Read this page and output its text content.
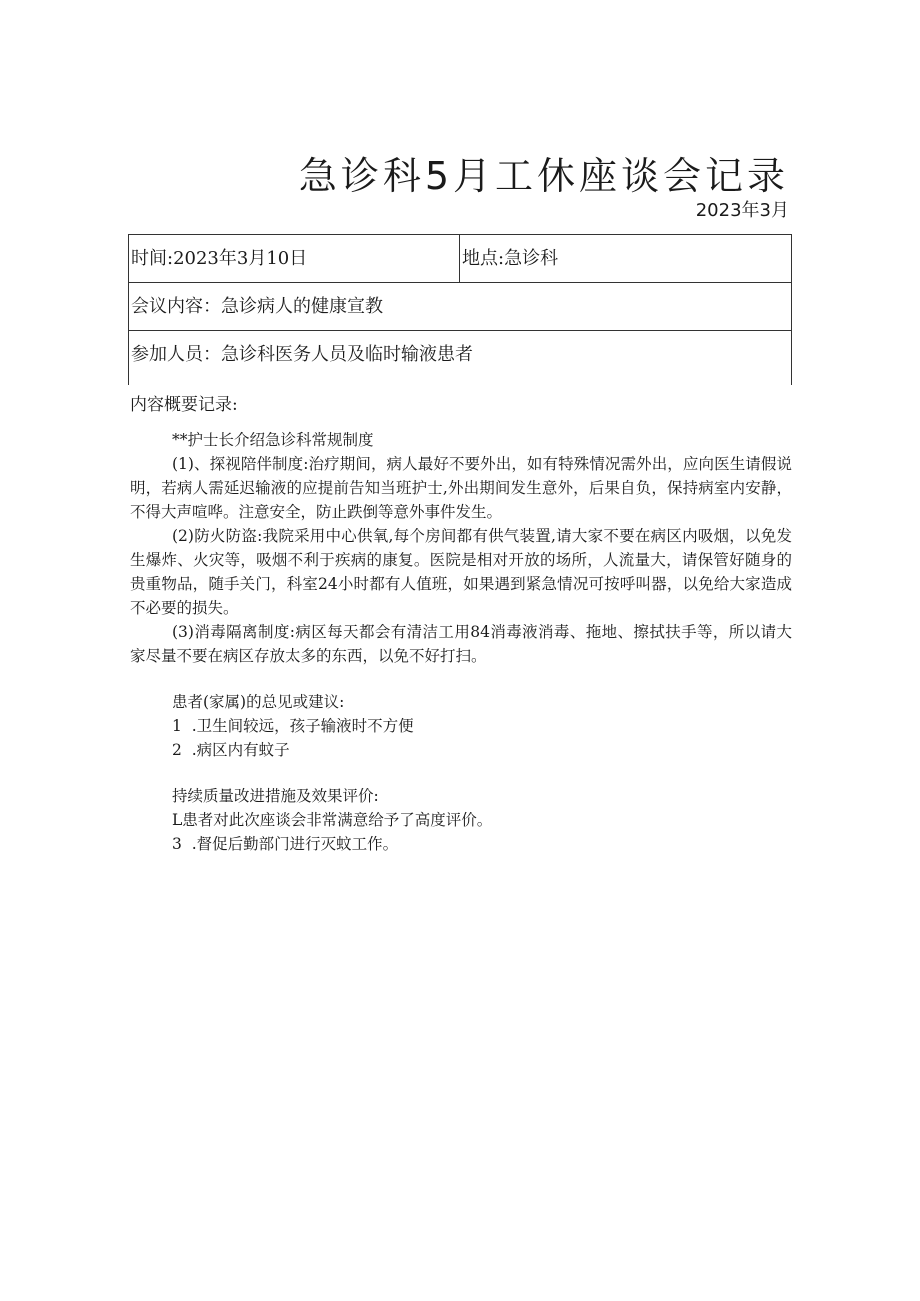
急诊科5月工休座谈会记录
2023年3月
时间:2023年3月10日	地点:急诊科
会议内容：急诊病人的健康宣教
参加人员：急诊科医务人员及临时输液患者
内容概要记录:

**护士长介绍急诊科常规制度

(1)、探视陪伴制度:治疗期间，病人最好不要外出，如有特殊情况需外出，应向医生请假说明，若病人需延迟输液的应提前告知当班护士,外出期间发生意外，后果自负，保持病室内安静，不得大声喧哗。注意安全，防止跌倒等意外事件发生。

(2)防火防盗:我院采用中心供氧,每个房间都有供气装置,请大家不要在病区内吸烟，以免发生爆炸、火灾等，吸烟不利于疾病的康复。医院是相对开放的场所，人流量大，请保管好随身的贵重物品，随手关门，科室24小时都有人值班，如果遇到紧急情况可按呼叫器，以免给大家造成不必要的损失。

(3)消毒隔离制度:病区每天都会有清洁工用84消毒液消毒、拖地、擦拭扶手等，所以请大家尽量不要在病区存放太多的东西，以免不好打扫。

患者(家属)的总见或建议:

1  .卫生间较远，孩子输液时不方便

2  .病区内有蚊子

持续质量改进措施及效果评价:

L患者对此次座谈会非常满意给予了高度评价。

3  .督促后勤部门进行灭蚊工作。
